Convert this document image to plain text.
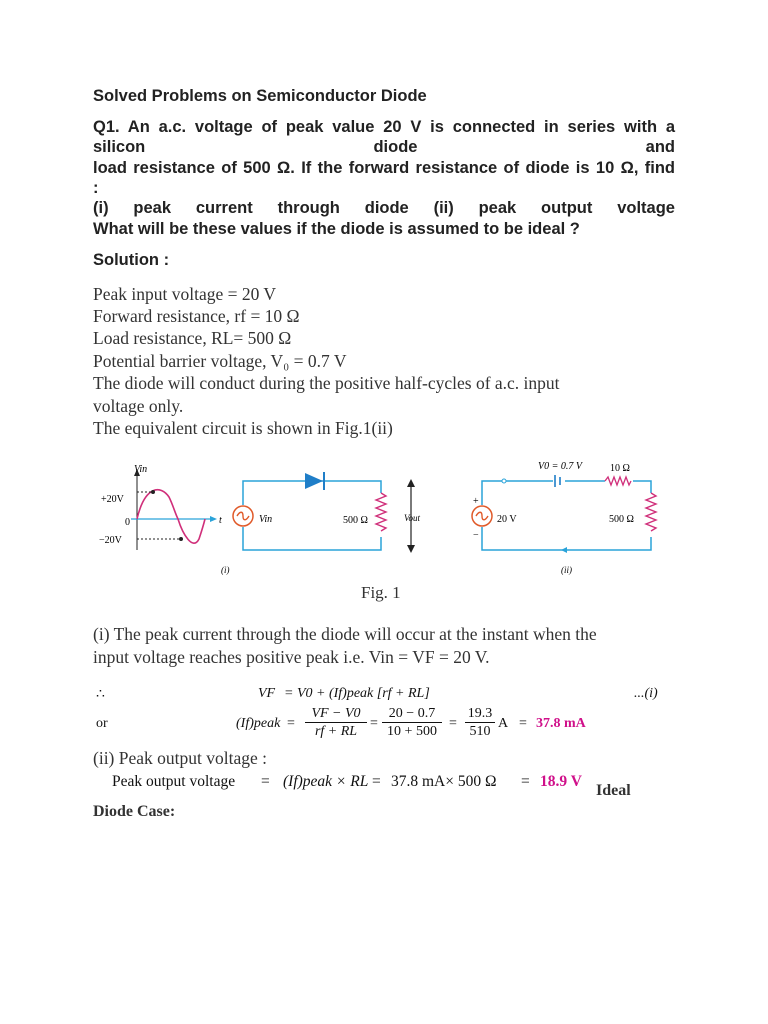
Solved Problems on Semiconductor Diode
Q1. An a.c. voltage of peak value 20 V is connected in series with a
silicon	diode	and
load resistance of 500 Ω. If the forward resistance of diode is 10 Ω, find
:
(i) peak current through diode (ii) peak output voltage
What will be these values if the diode is assumed to be ideal ?
Solution :
Peak input voltage = 20 V
Forward resistance, rf = 10 Ω
Load resistance, RL= 500 Ω
Potential barrier voltage, V₀ = 0.7 V
The diode will conduct during the positive half-cycles of a.c. input
voltage only.
The equivalent circuit is shown in Fig.1(ii)
Vin
+20V
0
−20V
t	Vin	500 Ω	Vout
(i)
V0 = 0.7 V	10 Ω
20 V	500 Ω
+
−
(ii)
Fig. 1
(i) The peak current through the diode will occur at the instant when the
input voltage reaches positive peak i.e. Vin = VF = 20 V.
∴	VF = V0 + (If)peak [rf + RL]	...(i)
or	(If)peak =
VF − V0
rf + RL
=
20 − 0.7
10 + 500
=
19.3
510
A = 37.8 mA
(ii) Peak output voltage :
Peak output voltage = (If)peak × RL = 37.8 mA× 500 Ω = 18.9 V
Ideal
Diode Case:
